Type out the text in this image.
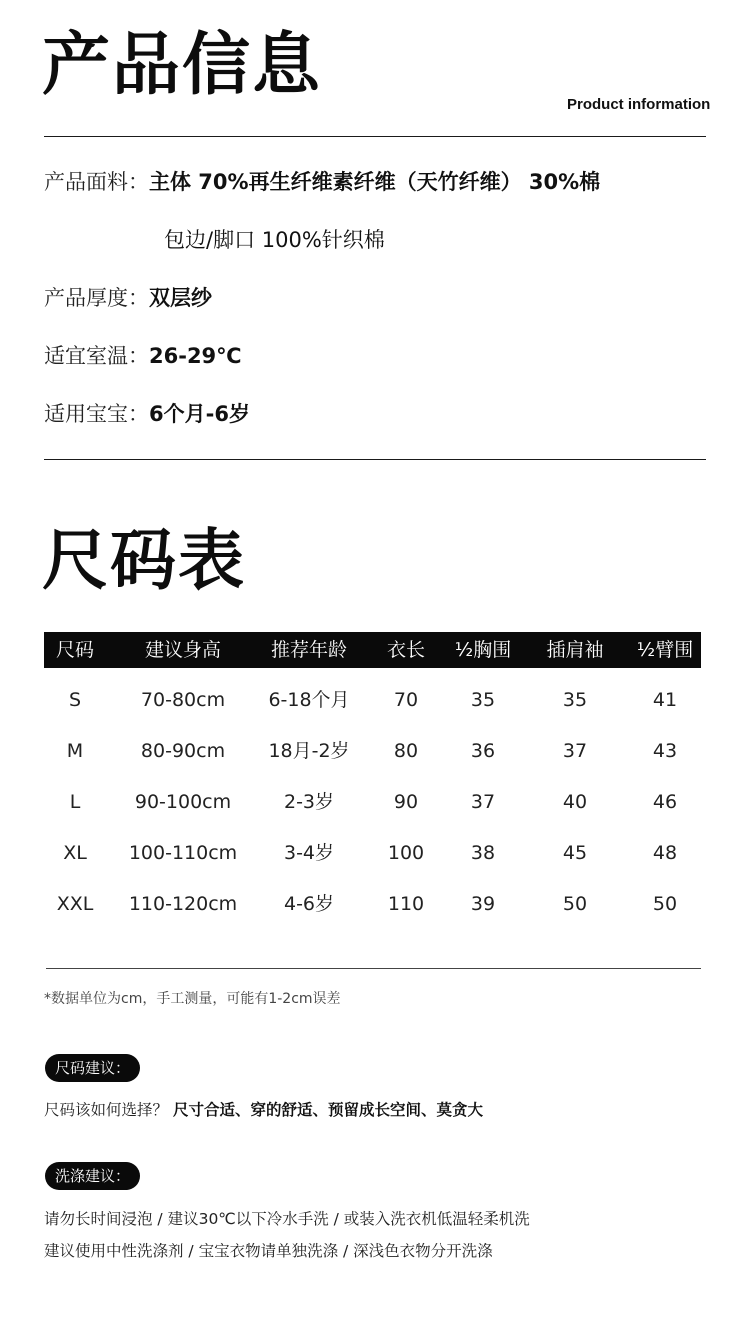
产品信息	Product information
产品面料：主体 70%再生纤维素纤维（天竹纤维） 30%棉
包边/脚口 100%针织棉
产品厚度：双层纱
适宜室温：26-29℃
适用宝宝：6个月-6岁
尺码表
尺码	建议身高	推荐年龄 衣长 ½胸围 插肩袖 ½臂围
S	70-80cm 6-18个月 70	35	35	41
M	80-90cm 18月-2岁 80	36	37	43
L	90-100cm	2-3岁	90	37	40	46
XL 100-110cm 3-4岁	100 38	45	48
XXL 110-120cm 4-6岁	110 39	50	50
*数据单位为cm，手工测量，可能有1-2cm误差
尺码建议：
尺码该如何选择？ 尺寸合适、穿的舒适、预留成长空间、莫贪大
洗涤建议：
请勿长时间浸泡 / 建议30℃以下冷水手洗 / 或装入洗衣机低温轻柔机洗
建议使用中性洗涤剂 / 宝宝衣物请单独洗涤 / 深浅色衣物分开洗涤
